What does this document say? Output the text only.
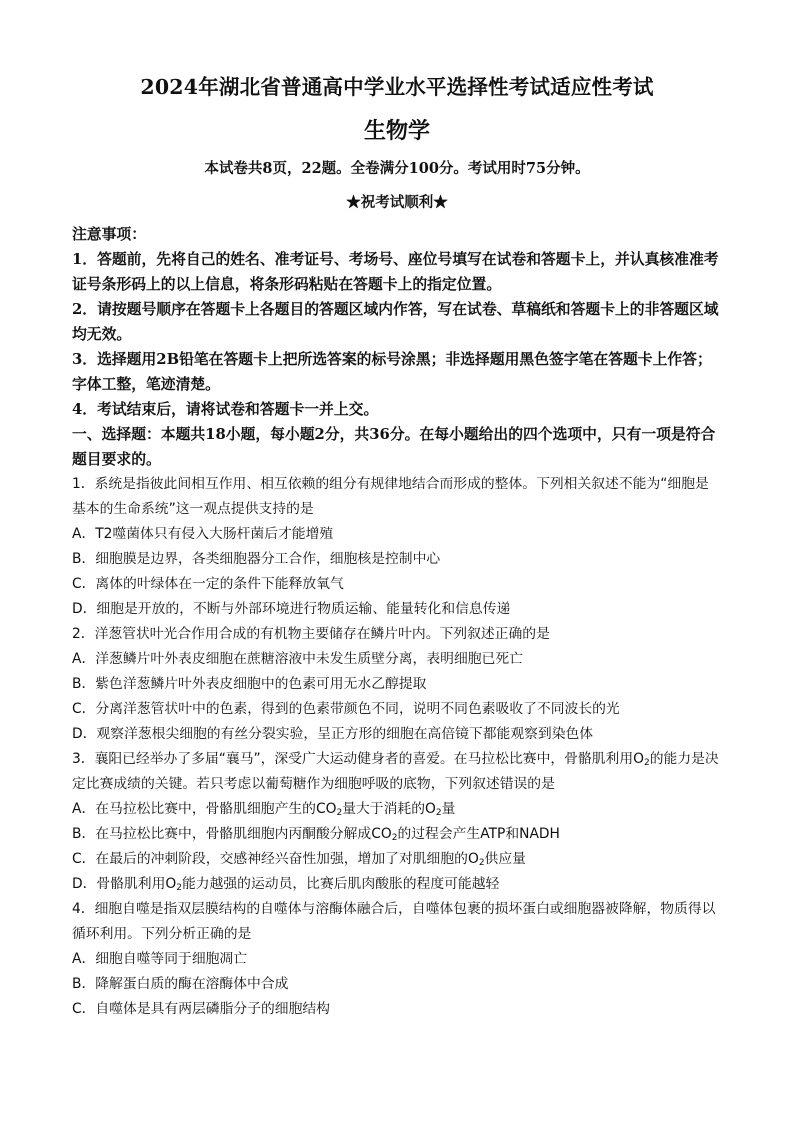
2024年湖北省普通高中学业水平选择性考试适应性考试
生物学
本试卷共8页，22题。全卷满分100分。考试用时75分钟。
★祝考试顺利★
注意事项：
1．答题前，先将自己的姓名、准考证号、考场号、座位号填写在试卷和答题卡上，并认真核准准考证号条形码上的以上信息，将条形码粘贴在答题卡上的指定位置。
2．请按题号顺序在答题卡上各题目的答题区域内作答，写在试卷、草稿纸和答题卡上的非答题区域均无效。
3．选择题用2B铅笔在答题卡上把所选答案的标号涂黑；非选择题用黑色签字笔在答题卡上作答；字体工整，笔迹清楚。
4．考试结束后，请将试卷和答题卡一并上交。
一、选择题：本题共18小题，每小题2分，共36分。在每小题给出的四个选项中，只有一项是符合题目要求的。
1．系统是指彼此间相互作用、相互依赖的组分有规律地结合而形成的整体。下列相关叙述不能为“细胞是基本的生命系统”这一观点提供支持的是
A．T2噬菌体只有侵入大肠杆菌后才能增殖
B．细胞膜是边界，各类细胞器分工合作，细胞核是控制中心
C．离体的叶绿体在一定的条件下能释放氧气
D．细胞是开放的，不断与外部环境进行物质运输、能量转化和信息传递
2．洋葱管状叶光合作用合成的有机物主要储存在鳞片叶内。下列叙述正确的是
A．洋葱鳞片叶外表皮细胞在蔗糖溶液中未发生质壁分离，表明细胞已死亡
B．紫色洋葱鳞片叶外表皮细胞中的色素可用无水乙醇提取
C．分离洋葱管状叶中的色素，得到的色素带颜色不同，说明不同色素吸收了不同波长的光
D．观察洋葱根尖细胞的有丝分裂实验，呈正方形的细胞在高倍镜下都能观察到染色体
3．襄阳已经举办了多届“襄马”，深受广大运动健身者的喜爱。在马拉松比赛中，骨骼肌利用$O_2$的能力是决定比赛成绩的关键。若只考虑以葡萄糖作为细胞呼吸的底物，下列叙述错误的是
A．在马拉松比赛中，骨骼肌细胞产生的$CO_2$量大于消耗的$O_2$量
B．在马拉松比赛中，骨骼肌细胞内丙酮酸分解成$CO_2$的过程会产生ATP和NADH
C．在最后的冲刺阶段，交感神经兴奋性加强，增加了对肌细胞的$O_2$供应量
D．骨骼肌利用$O_2$能力越强的运动员，比赛后肌肉酸胀的程度可能越轻
4．细胞自噬是指双层膜结构的自噬体与溶酶体融合后，自噬体包裹的损坏蛋白或细胞器被降解，物质得以循环利用。下列分析正确的是
A．细胞自噬等同于细胞凋亡
B．降解蛋白质的酶在溶酶体中合成
C．自噬体是具有两层磷脂分子的细胞结构
